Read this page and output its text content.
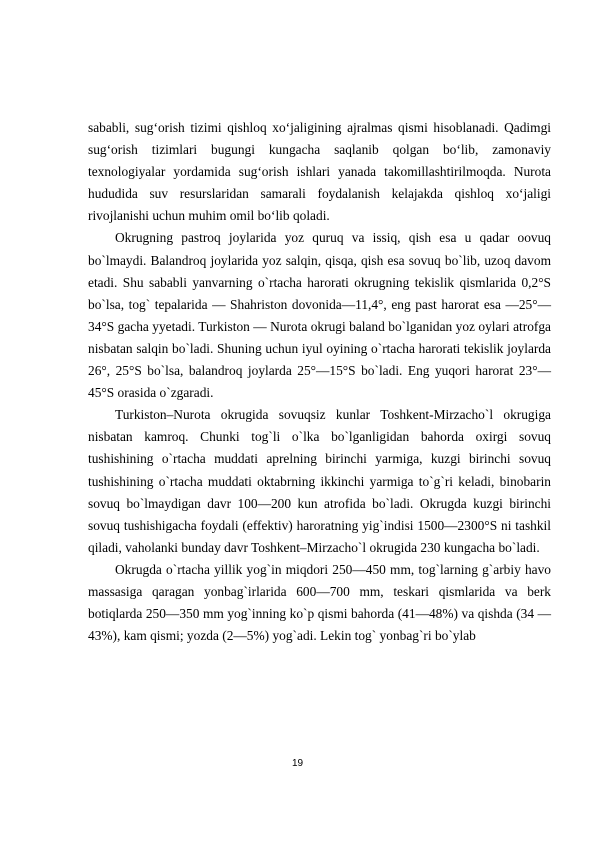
sababli, sug‘orish tizimi qishloq xo‘jaligining ajralmas qismi hisoblanadi. Qadimgi sug‘orish tizimlari bugungi kungacha saqlanib qolgan bo‘lib, zamonaviy texnologiyalar yordamida sug‘orish ishlari yanada takomillashtirilmoqda. Nurota hududida suv resurslaridan samarali foydalanish kelajakda qishloq xo‘jaligi rivojlanishi uchun muhim omil bo‘lib qoladi.

Okrugning pastroq joylarida yoz quruq va issiq, qish esa u qadar oovuq bo`lmaydi. Balandroq joylarida yoz salqin, qisqa, qish esa sovuq bo`lib, uzoq davom etadi. Shu sababli yanvarning o`rtacha harorati okrugning tekislik qismlarida 0,2°S bo`lsa, tog` tepalarida — Shahriston dovonida—11,4°, eng past harorat esa —25°—34°S gacha yyetadi. Turkiston — Nurota okrugi baland bo`lganidan yoz oylari atrofga nisbatan salqin bo`ladi. Shuning uchun iyul oyining o`rtacha harorati tekislik joylarda 26°, 25°S bo`lsa, balandroq joylarda 25°—15°S bo`ladi. Eng yuqori harorat 23°—45°S orasida o`zgaradi.

Turkiston–Nurota okrugida sovuqsiz kunlar Toshkent-Mirzacho`l okrugiga nisbatan kamroq. Chunki tog`li o`lka bo`lganligidan bahorda oxirgi sovuq tushishining o`rtacha muddati aprelning birinchi yarmiga, kuzgi birinchi sovuq tushishining o`rtacha muddati oktabrning ikkinchi yarmiga to`g`ri keladi, binobarin sovuq bo`lmaydigan davr 100—200 kun atrofida bo`ladi. Okrugda kuzgi birinchi sovuq tushishigacha foydali (effektiv) haroratning yig`indisi 1500—2300°S ni tashkil qiladi, vaholanki bunday davr Toshkent–Mirzacho`l okrugida 230 kungacha bo`ladi.

Okrugda o`rtacha yillik yog`in miqdori 250—450 mm, tog`larning g`arbiy havo massasiga qaragan yonbag`irlarida 600—700 mm, teskari qismlarida va berk botiqlarda 250—350 mm yog`inning ko`p qismi bahorda (41—48%) va qishda (34 —43%), kam qismi; yozda (2—5%) yog`adi. Lekin tog` yonbag`ri bo`ylab

19
